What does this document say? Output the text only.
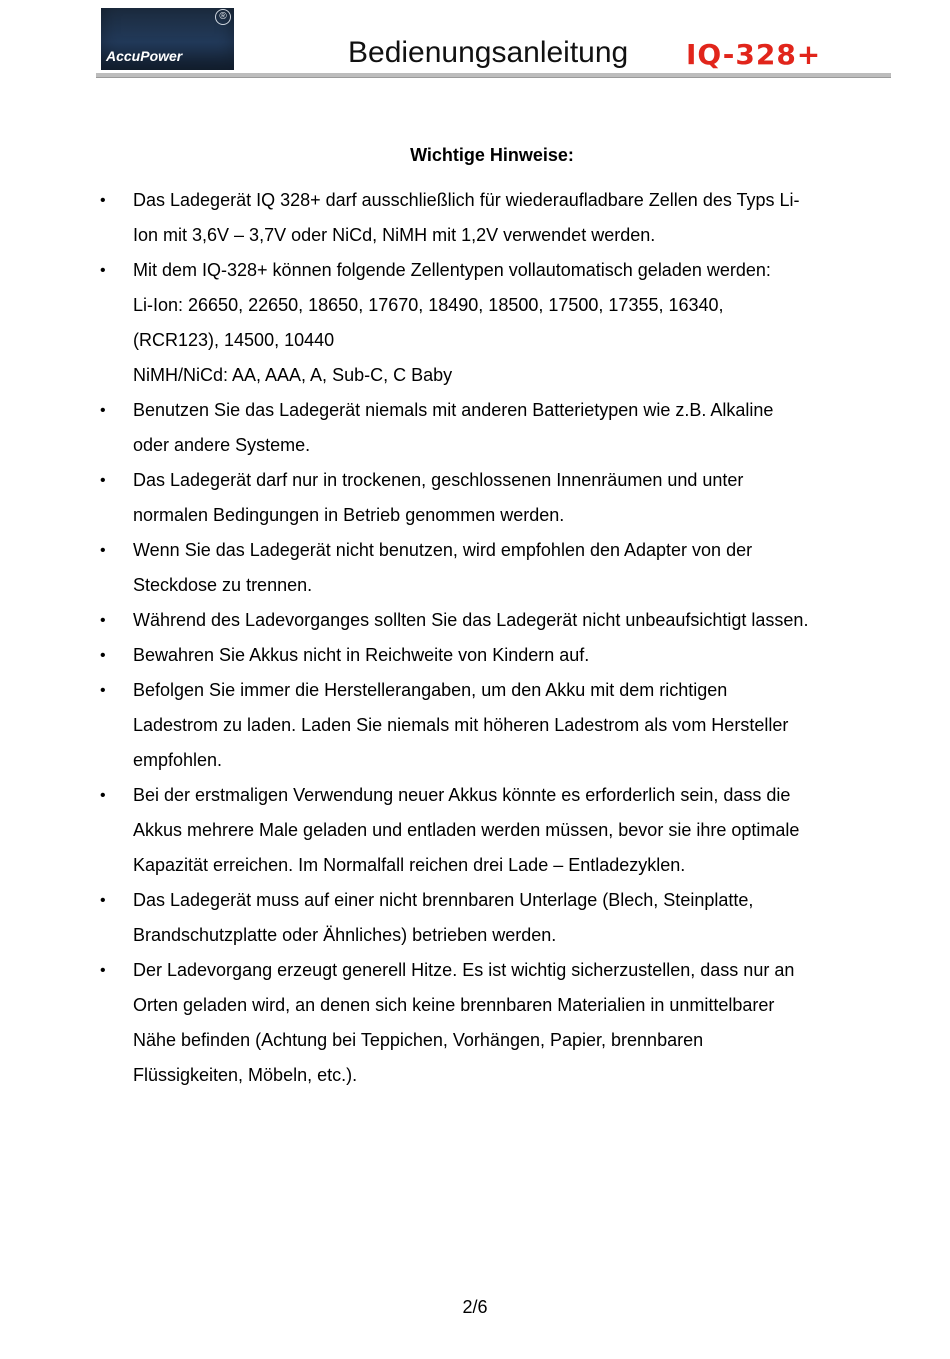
®
AccuPower	Bedienungsanleitung IQ-328+
Wichtige Hinweise:
• Das Ladegerät IQ 328+ darf ausschließlich für wiederaufladbare Zellen des Typs Li-
Ion mit 3,6V – 3,7V oder NiCd, NiMH mit 1,2V verwendet werden.
• Mit dem IQ-328+ können folgende Zellentypen vollautomatisch geladen werden:
Li-Ion: 26650, 22650, 18650, 17670, 18490, 18500, 17500, 17355, 16340,
(RCR123), 14500, 10440
NiMH/NiCd: AA, AAA, A, Sub-C, C Baby
• Benutzen Sie das Ladegerät niemals mit anderen Batterietypen wie z.B. Alkaline
oder andere Systeme.
• Das Ladegerät darf nur in trockenen, geschlossenen Innenräumen und unter
normalen Bedingungen in Betrieb genommen werden.
• Wenn Sie das Ladegerät nicht benutzen, wird empfohlen den Adapter von der
Steckdose zu trennen.
• Während des Ladevorganges sollten Sie das Ladegerät nicht unbeaufsichtigt lassen.
• Bewahren Sie Akkus nicht in Reichweite von Kindern auf.
• Befolgen Sie immer die Herstellerangaben, um den Akku mit dem richtigen
Ladestrom zu laden. Laden Sie niemals mit höheren Ladestrom als vom Hersteller
empfohlen.
• Bei der erstmaligen Verwendung neuer Akkus könnte es erforderlich sein, dass die
Akkus mehrere Male geladen und entladen werden müssen, bevor sie ihre optimale
Kapazität erreichen. Im Normalfall reichen drei Lade – Entladezyklen.
• Das Ladegerät muss auf einer nicht brennbaren Unterlage (Blech, Steinplatte,
Brandschutzplatte oder Ähnliches) betrieben werden.
• Der Ladevorgang erzeugt generell Hitze. Es ist wichtig sicherzustellen, dass nur an
Orten geladen wird, an denen sich keine brennbaren Materialien in unmittelbarer
Nähe befinden (Achtung bei Teppichen, Vorhängen, Papier, brennbaren
Flüssigkeiten, Möbeln, etc.).
2/6
